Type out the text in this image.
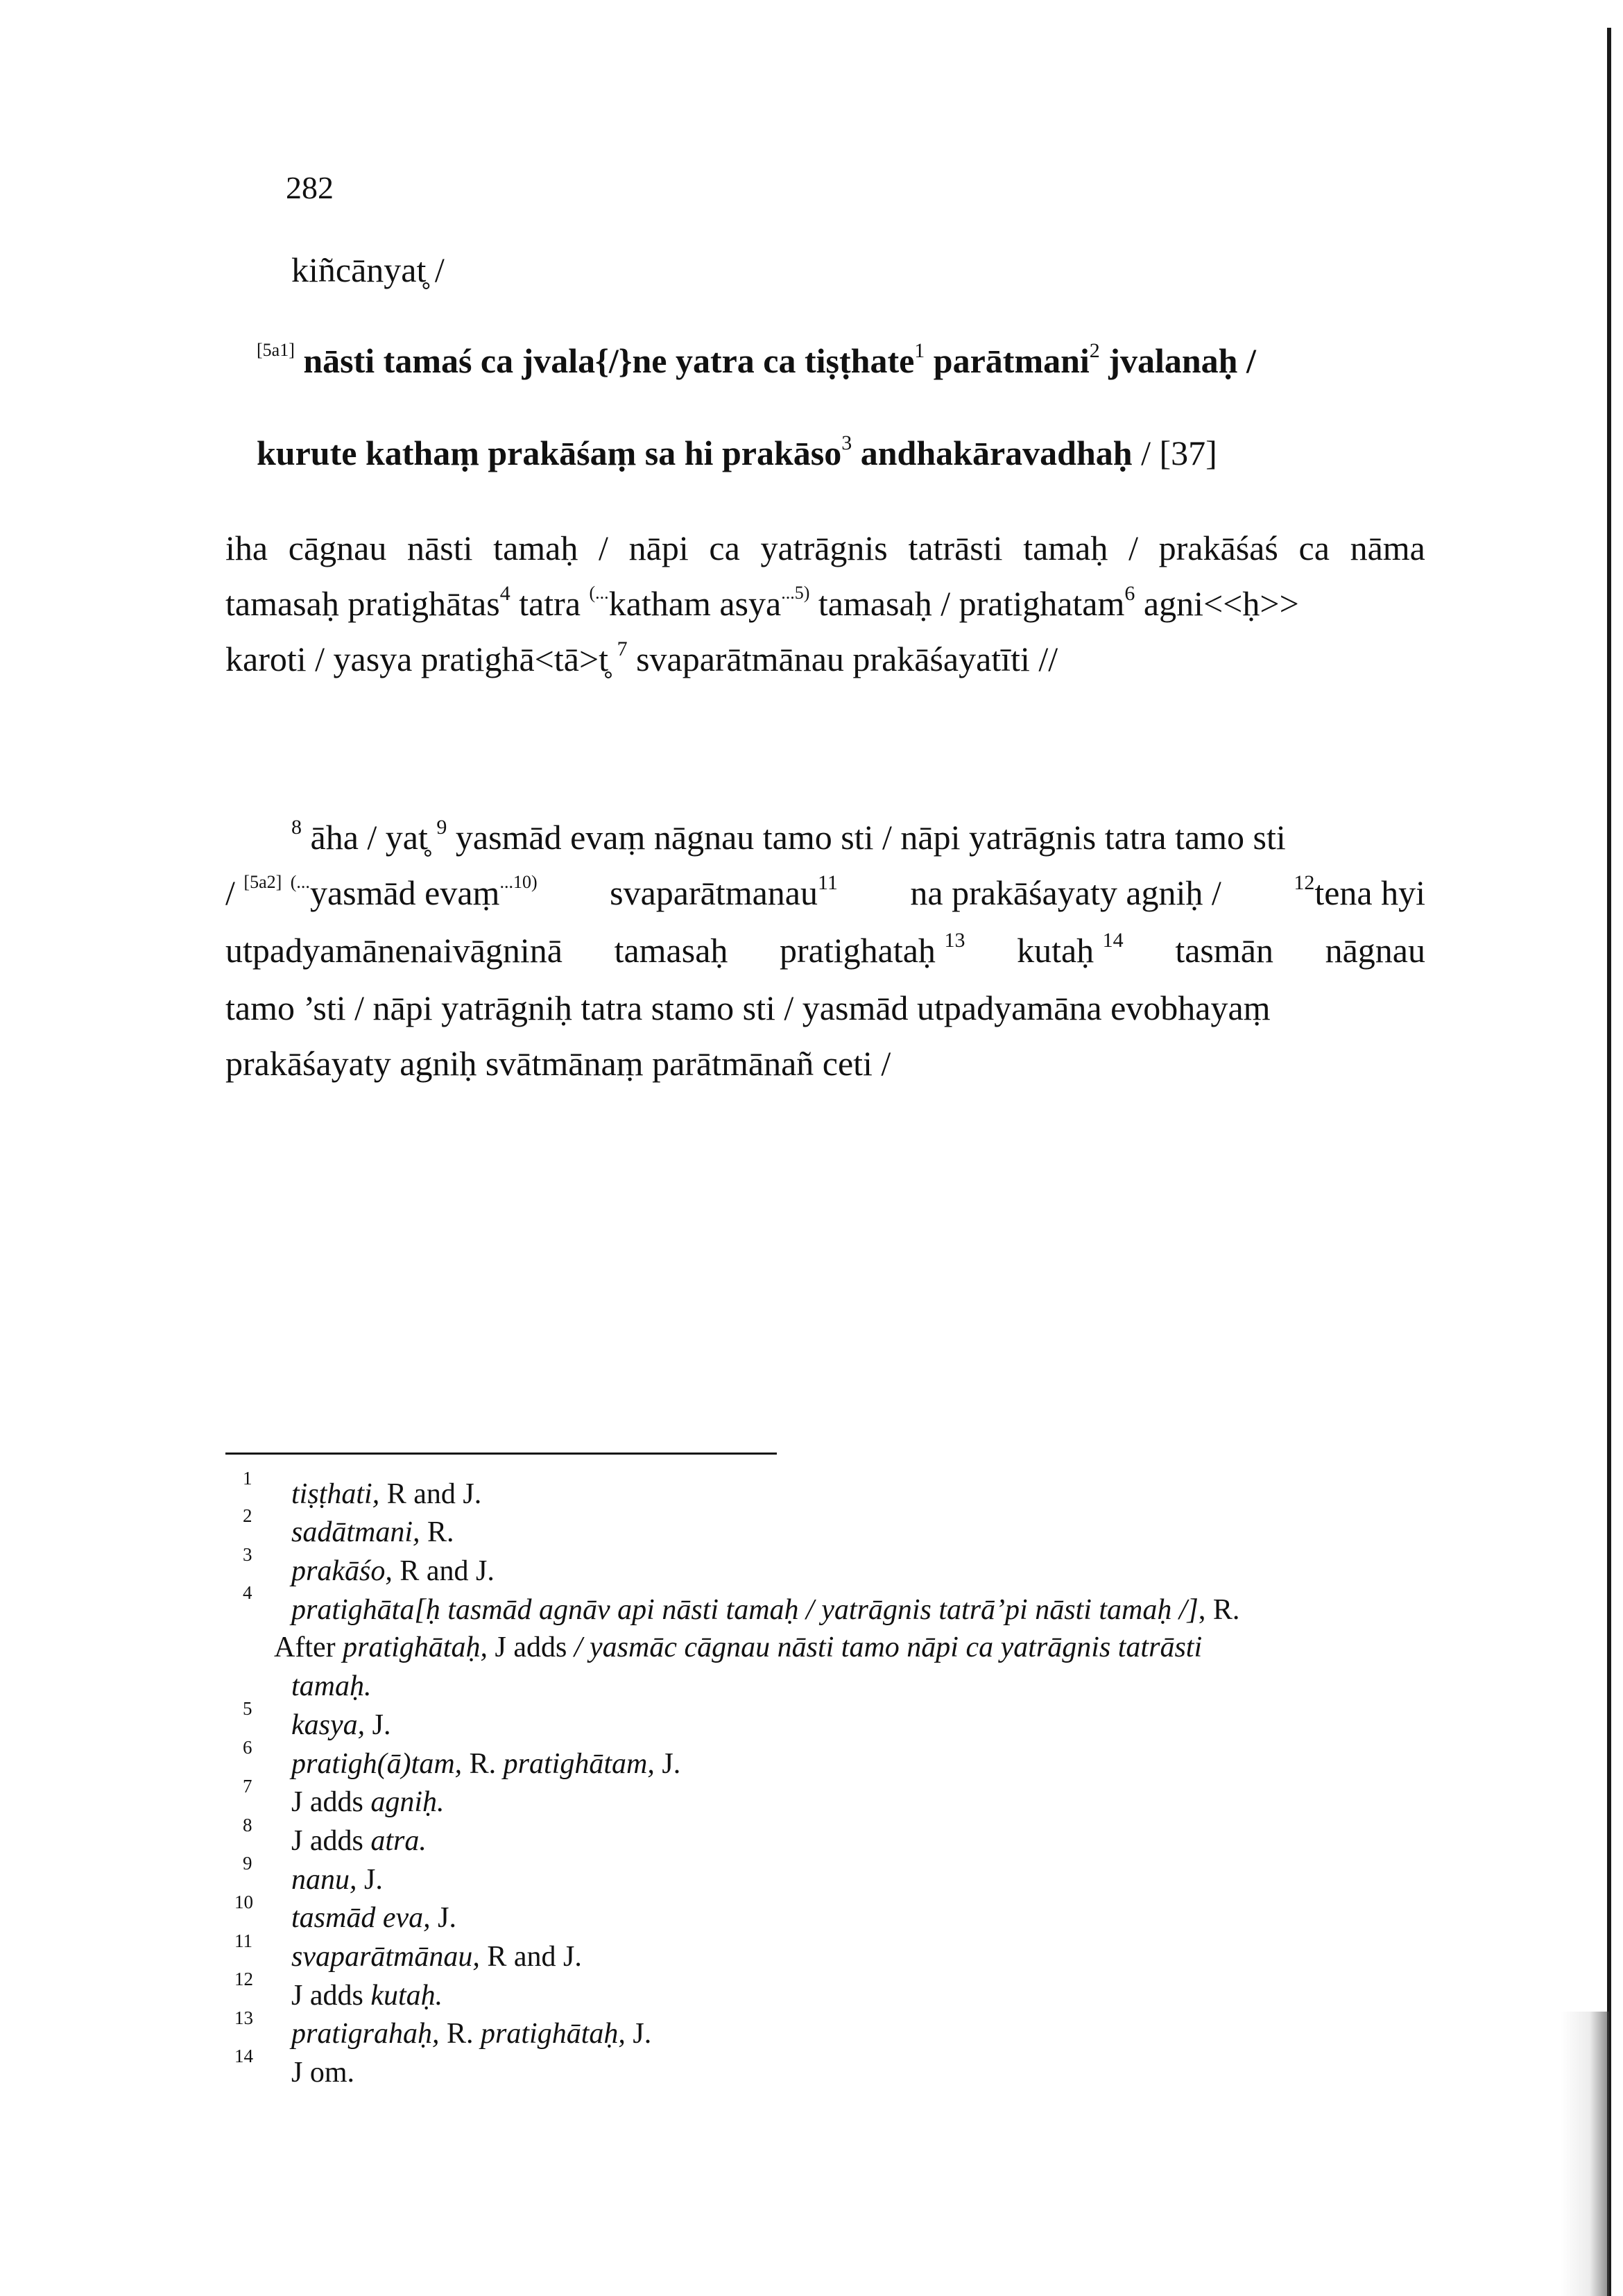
282
kiñcānyat̥ /
[5a1] nāsti tamaś ca jvala{/}ne yatra ca tiṣṭhate$^1$ parātmani$^2$ jvalanaḥ /
kurute kathaṃ prakāśaṃ sa hi prakāso$^3$ andhakāravadhaḥ / [37]
iha cāgnau nāsti tamaḥ / nāpi ca yatrāgnis tatrāsti tamaḥ / prakāśaś ca nāma
tamasaḥ pratighātas$^4$ tatra (...katham asya$^{...5)}$ tamasaḥ / pratighatam$^6$ agni<<ḥ>>
karoti / yasya pratighā<tā>t̥ $^7$ svaparātmānau prakāśayatīti //
$^8$ āha / yat̥ $^9$ yasmād evaṃ nāgnau tamo sti / nāpi yatrāgnis tatra tamo sti
/ [5a2] (...yasmād evaṃ$^{...10)}$ svaparātmanau$^{11}$ na prakāśayaty agniḥ /	$^{12}$tena hyi
utpadyamānenaivāgninā tamasaḥ pratighataḥ $^{13}$ kutaḥ $^{14}$ tasmān nāgnau
tamo ’sti / nāpi yatrāgniḥ tatra stamo sti / yasmād utpadyamāna evobhayaṃ
prakāśayaty agniḥ svātmānaṃ parātmānañ ceti /
1 tiṣṭhati, R and J.
2
sadātmani, R.
3
prakāśo, R and J.
4
pratighāta[ḥ tasmād agnāv api nāsti tamaḥ / yatrāgnis tatrā’pi nāsti tamaḥ /], R.
After pratighātaḥ, J adds / yasmāc cāgnau nāsti tamo nāpi ca yatrāgnis tatrāsti
tamaḥ.
5
kasya, J.
6
pratigh(ā)tam, R. pratighātam, J.
7 J adds agniḥ.
8 J adds atra.
9
nanu, J.
10 tasmād eva, J.
11 svaparātmānau, R and J.
12
J adds kutaḥ.
13 pratigrahaḥ, R. pratighātaḥ, J.
14
J om.
